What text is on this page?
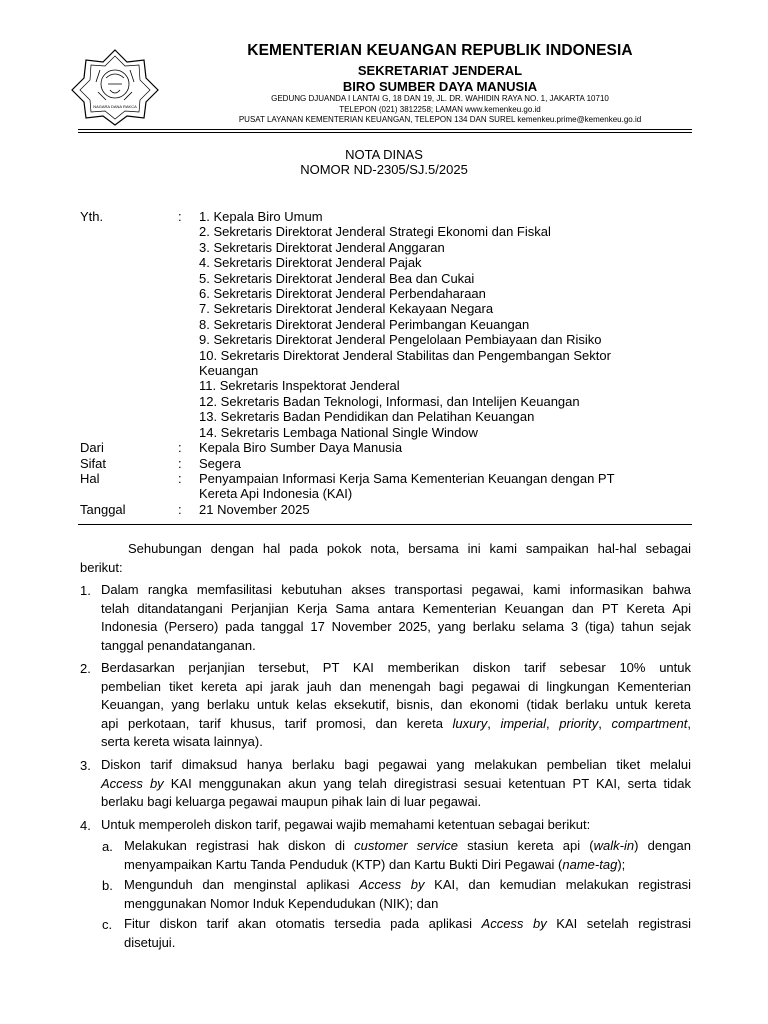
NAGARA DANA RAKCA
KEMENTERIAN KEUANGAN REPUBLIK INDONESIA
SEKRETARIAT JENDERAL
BIRO SUMBER DAYA MANUSIA
GEDUNG DJUANDA I LANTAI G, 18 DAN 19, JL. DR. WAHIDIN RAYA NO. 1, JAKARTA 10710
TELEPON (021) 3812258; LAMAN www.kemenkeu.go.id
PUSAT LAYANAN KEMENTERIAN KEUANGAN, TELEPON 134 DAN SUREL kemenkeu.prime@kemenkeu.go.id
NOTA DINAS
NOMOR ND-2305/SJ.5/2025
Yth.	: 1. Kepala Biro Umum
2. Sekretaris Direktorat Jenderal Strategi Ekonomi dan Fiskal
3. Sekretaris Direktorat Jenderal Anggaran
4. Sekretaris Direktorat Jenderal Pajak
5. Sekretaris Direktorat Jenderal Bea dan Cukai
6. Sekretaris Direktorat Jenderal Perbendaharaan
7. Sekretaris Direktorat Jenderal Kekayaan Negara
8. Sekretaris Direktorat Jenderal Perimbangan Keuangan
9. Sekretaris Direktorat Jenderal Pengelolaan Pembiayaan dan Risiko
10. Sekretaris Direktorat Jenderal Stabilitas dan Pengembangan Sektor
Keuangan
11. Sekretaris Inspektorat Jenderal
12. Sekretaris Badan Teknologi, Informasi, dan Intelijen Keuangan
13. Sekretaris Badan Pendidikan dan Pelatihan Keuangan
14. Sekretaris Lembaga National Single Window
Dari	: Kepala Biro Sumber Daya Manusia
Sifat	: Segera
Hal	: Penyampaian Informasi Kerja Sama Kementerian Keuangan dengan PT
Kereta Api Indonesia (KAI)
Tanggal	: 21 November 2025
Sehubungan dengan hal pada pokok nota, bersama ini kami sampaikan hal-hal sebagai
berikut:
1. Dalam rangka memfasilitasi kebutuhan akses transportasi pegawai, kami informasikan bahwa
telah ditandatangani Perjanjian Kerja Sama antara Kementerian Keuangan dan PT Kereta Api
Indonesia (Persero) pada tanggal 17 November 2025, yang berlaku selama 3 (tiga) tahun sejak
tanggal penandatanganan.
2. Berdasarkan perjanjian tersebut, PT KAI memberikan diskon tarif sebesar 10% untuk
pembelian tiket kereta api jarak jauh dan menengah bagi pegawai di lingkungan Kementerian
Keuangan, yang berlaku untuk kelas eksekutif, bisnis, dan ekonomi (tidak berlaku untuk kereta
api perkotaan, tarif khusus, tarif promosi, dan kereta luxury, imperial, priority, compartment,
serta kereta wisata lainnya).
3. Diskon tarif dimaksud hanya berlaku bagi pegawai yang melakukan pembelian tiket melalui
Access by KAI menggunakan akun yang telah diregistrasi sesuai ketentuan PT KAI, serta tidak
berlaku bagi keluarga pegawai maupun pihak lain di luar pegawai.
4. Untuk memperoleh diskon tarif, pegawai wajib memahami ketentuan sebagai berikut:
a. Melakukan registrasi hak diskon di customer service stasiun kereta api (walk-in) dengan
menyampaikan Kartu Tanda Penduduk (KTP) dan Kartu Bukti Diri Pegawai (name-tag);
b. Mengunduh dan menginstal aplikasi Access by KAI, dan kemudian melakukan registrasi
menggunakan Nomor Induk Kependudukan (NIK); dan
c. Fitur diskon tarif akan otomatis tersedia pada aplikasi Access by KAI setelah registrasi
disetujui.
